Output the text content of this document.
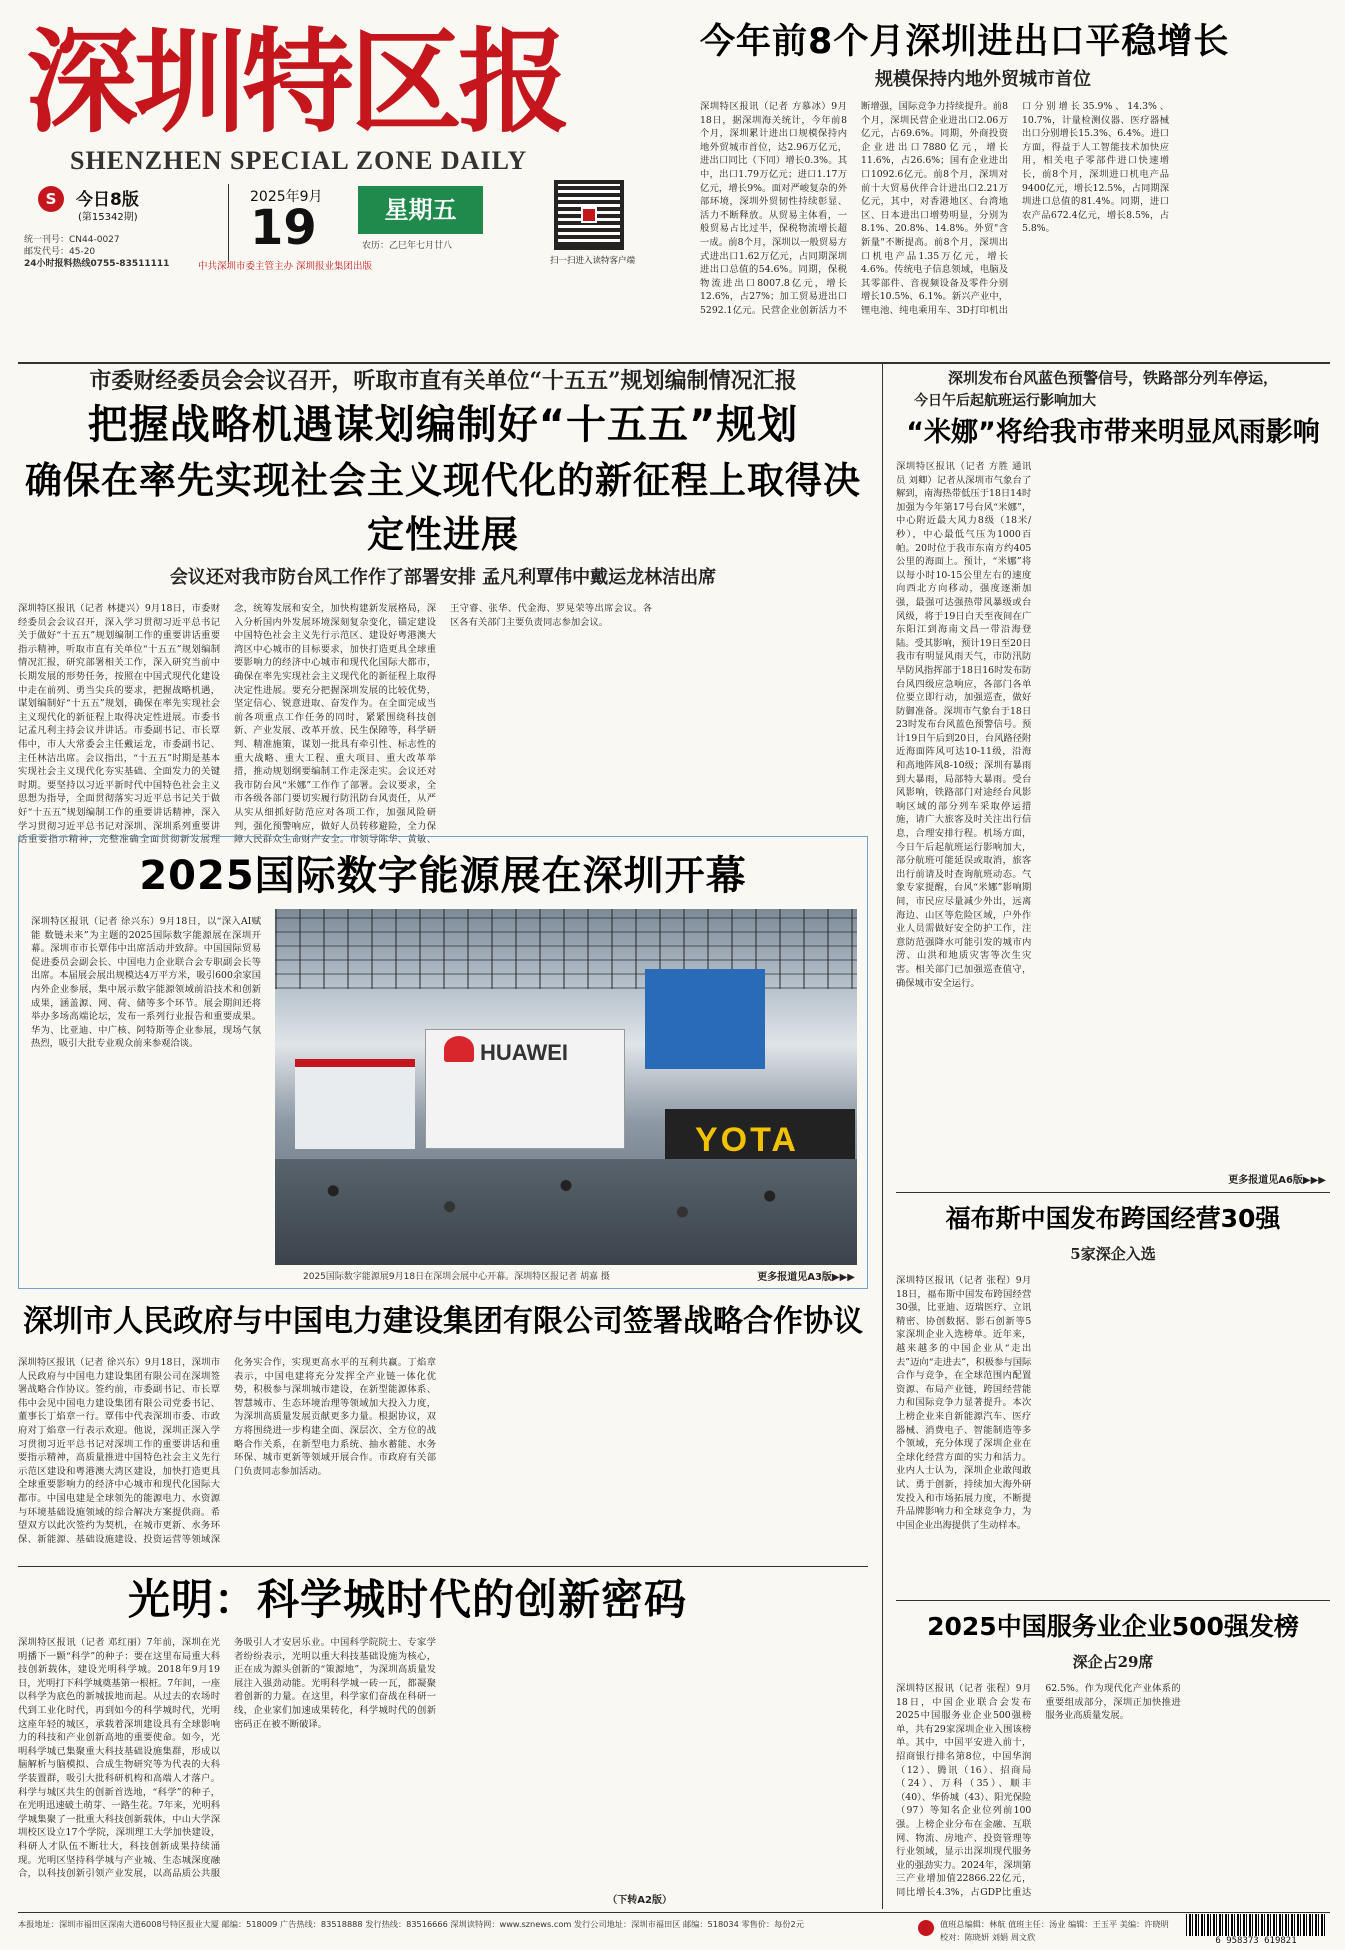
深圳特区报
SHENZHEN SPECIAL ZONE DAILY
S	今日8版
(第15342期)
统一刊号：CN44-0027
邮发代号：45-20
24小时报料热线0755-83511111
2025年9月
19	星期五
农历：乙巳年七月廿八
中共深圳市委主管主办 深圳报业集团出版	扫一扫进入读特客户端
今年前8个月深圳进出口平稳增长
规模保持内地外贸城市首位
深圳特区报讯（记者 方慕冰）9月18日，据深圳海关统计，今年前8个月，深圳累计进出口规模保持内地外贸城市首位，达2.96万亿元，进出口同比（下同）增长0.3%。其中，出口1.79万亿元；进口1.17万亿元，增长9%。面对严峻复杂的外部环境，深圳外贸韧性持续彰显、活力不断释放。从贸易主体看，一般贸易占比过半，保税物流增长超一成。前8个月，深圳以一般贸易方式进出口1.62万亿元，占同期深圳进出口总值的54.6%。同期，保税物流进出口8007.8亿元，增长12.6%，占27%；加工贸易进出口5292.1亿元。民营企业创新活力不断增强，国际竞争力持续提升。前8个月，深圳民营企业进出口2.06万亿元，占69.6%。同期，外商投资企业进出口7880亿元，增长11.6%，占26.6%；国有企业进出口1092.6亿元。前8个月，深圳对前十大贸易伙伴合计进出口2.21万亿元，其中，对香港地区、台湾地区、日本进出口增势明显，分别为8.1%、20.8%、14.8%。外贸"含新量"不断提高。前8个月，深圳出口机电产品1.35万亿元，增长4.6%。传统电子信息领域，电脑及其零部件、音视频设备及零件分别增长10.5%、6.1%。新兴产业中，锂电池、纯电乘用车、3D打印机出口分别增长35.9%、14.3%、10.7%，计量检测仪器、医疗器械出口分别增长15.3%、6.4%。进口方面，得益于人工智能技术加快应用，相关电子零部件进口快速增长，前8个月，深圳进口机电产品9400亿元，增长12.5%，占同期深圳进口总值的81.4%。同期，进口农产品672.4亿元，增长8.5%，占5.8%。
市委财经委员会会议召开，听取市直有关单位“十五五”规划编制情况汇报
把握战略机遇谋划编制好“十五五”规划
确保在率先实现社会主义现代化的新征程上取得决定性进展
会议还对我市防台风工作作了部署安排 孟凡利覃伟中戴运龙林洁出席
深圳特区报讯（记者 林捷兴）9月18日，市委财经委员会会议召开，深入学习贯彻习近平总书记关于做好“十五五”规划编制工作的重要讲话重要指示精神，听取市直有关单位“十五五”规划编制情况汇报，研究部署相关工作，深入研究当前中长期发展的形势任务，按照在中国式现代化建设中走在前列、勇当尖兵的要求，把握战略机遇，谋划编制好“十五五”规划，确保在率先实现社会主义现代化的新征程上取得决定性进展。市委书记孟凡利主持会议并讲话。市委副书记、市长覃伟中，市人大常委会主任戴运龙，市委副书记、主任林洁出席。会议指出，“十五五”时期是基本实现社会主义现代化夯实基础、全面发力的关键时期。要坚持以习近平新时代中国特色社会主义思想为指导，全面贯彻落实习近平总书记关于做好“十五五”规划编制工作的重要讲话精神，深入学习贯彻习近平总书记对深圳、深圳系列重要讲话重要指示精神，完整准确全面贯彻新发展理念，统筹发展和安全，加快构建新发展格局，深入分析国内外发展环境深刻复杂变化，锚定建设中国特色社会主义先行示范区、建设好粤港澳大湾区中心城市的目标要求，加快打造更具全球重要影响力的经济中心城市和现代化国际大都市，确保在率先实现社会主义现代化的新征程上取得决定性进展。要充分把握深圳发展的比较优势，坚定信心、锐意进取、奋发作为。在全面完成当前各项重点工作任务的同时，紧紧围绕科技创新、产业发展、改革开放、民生保障等，科学研判、精准施策，谋划一批具有牵引性、标志性的重大战略、重大工程、重大项目、重大改革举措，推动规划纲要编制工作走深走实。会议还对我市防台风“米娜”工作作了部署。会议要求，全市各级各部门要切实履行防汛防台风责任，从严从实从细抓好防范应对各项工作，加强风险研判，强化预警响应，做好人员转移避险，全力保障人民群众生命财产安全。市领导陈华、黄敏、王守睿、张华、代金海、罗晃荣等出席会议。各区各有关部门主要负责同志参加会议。
2025国际数字能源展在深圳开幕
深圳特区报讯（记者 徐兴东）9月18日，以“深入AI赋能 数链未来”为主题的2025国际数字能源展在深圳开幕。深圳市市长覃伟中出席活动并致辞。中国国际贸易促进委员会副会长、中国电力企业联合会专职副会长等出席。本届展会展出规模达4万平方米，吸引600余家国内外企业参展，集中展示数字能源领域前沿技术和创新成果，涵盖源、网、荷、储等多个环节。展会期间还将举办多场高端论坛，发布一系列行业报告和重要成果。华为、比亚迪、中广核、阿特斯等企业参展，现场气氛热烈，吸引大批专业观众前来参观洽谈。	HUAWEI
YOTA
2025国际数字能源展9月18日在深圳会展中心开幕。深圳特区报记者 胡嘉 摄	更多报道见A3版▶▶▶
深圳市人民政府与中国电力建设集团有限公司签署战略合作协议
深圳特区报讯（记者 徐兴东）9月18日，深圳市人民政府与中国电力建设集团有限公司在深圳签署战略合作协议。签约前，市委副书记、市长覃伟中会见中国电力建设集团有限公司党委书记、董事长丁焰章一行。覃伟中代表深圳市委、市政府对丁焰章一行表示欢迎。他说，深圳正深入学习贯彻习近平总书记对深圳工作的重要讲话和重要指示精神，高质量推进中国特色社会主义先行示范区建设和粤港澳大湾区建设，加快打造更具全球重要影响力的经济中心城市和现代化国际大都市。中国电建是全球领先的能源电力、水资源与环境基础设施领域的综合解决方案提供商。希望双方以此次签约为契机，在城市更新、水务环保、新能源、基础设施建设、投资运营等领域深化务实合作，实现更高水平的互利共赢。丁焰章表示，中国电建将充分发挥全产业链一体化优势，积极参与深圳城市建设，在新型能源体系、智慧城市、生态环境治理等领域加大投入力度，为深圳高质量发展贡献更多力量。根据协议，双方将围绕进一步构建全面、深层次、全方位的战略合作关系，在新型电力系统、抽水蓄能、水务环保、城市更新等领域开展合作。市政府有关部门负责同志参加活动。
光明：科学城时代的创新密码
深圳特区报讯（记者 邓红丽）7年前，深圳在光明播下一颗“科学”的种子：要在这里布局重大科技创新载体，建设光明科学城。2018年9月19日，光明打下科学城奠基第一根桩。7年间，一座以科学为底色的新城拔地而起。从过去的农场时代到工业化时代，再到如今的科学城时代，光明这座年轻的城区，承载着深圳建设具有全球影响力的科技和产业创新高地的重要使命。如今，光明科学城已集聚重大科技基础设施集群，形成以脑解析与脑模拟、合成生物研究等为代表的大科学装置群，吸引大批科研机构和高端人才落户。科学与城区共生的创新首选地，“科学”的种子，在光明迅速破土萌芽、一路生花。7年来，光明科学城集聚了一批重大科技创新载体，中山大学深圳校区设立17个学院，深圳理工大学加快建设，科研人才队伍不断壮大，科技创新成果持续涌现。光明区坚持科学城与产业城、生态城深度融合，以科技创新引领产业发展，以高品质公共服务吸引人才安居乐业。中国科学院院士、专家学者纷纷表示，光明以重大科技基础设施为核心，正在成为源头创新的“策源地”，为深圳高质量发展注入强劲动能。光明科学城一砖一瓦，都凝聚着创新的力量。在这里，科学家们奋战在科研一线，企业家们加速成果转化，科学城时代的创新密码正在被不断破译。
（下转A2版）
深圳发布台风蓝色预警信号，铁路部分列车停运，
今日午后起航班运行影响加大
“米娜”将给我市带来明显风雨影响
深圳特区报讯（记者 方胜 通讯员 刘卿）记者从深圳市气象台了解到，南海热带低压于18日14时加强为今年第17号台风“米娜”，中心附近最大风力8级（18米/秒），中心最低气压为1000百帕。20时位于我市东南方约405公里的海面上。预计，“米娜”将以每小时10-15公里左右的速度向西北方向移动，强度逐渐加强，最强可达强热带风暴级或台风级，将于19日白天至夜间在广东阳江到海南文昌一带沿海登陆。受其影响，预计19日至20日我市有明显风雨天气，市防汛防旱防风指挥部于18日16时发布防台风四级应急响应，各部门各单位要立即行动，加强巡查，做好防御准备。深圳市气象台于18日23时发布台风蓝色预警信号。预计19日午后到20日，台风路径附近海面阵风可达10-11级，沿海和高地阵风8-10级；深圳有暴雨到大暴雨，局部特大暴雨。受台风影响，铁路部门对途经台风影响区域的部分列车采取停运措施，请广大旅客及时关注出行信息，合理安排行程。机场方面，今日午后起航班运行影响加大，部分航班可能延误或取消，旅客出行前请及时查询航班动态。气象专家提醒，台风“米娜”影响期间，市民应尽量减少外出，远离海边、山区等危险区域，户外作业人员需做好安全防护工作，注意防范强降水可能引发的城市内涝、山洪和地质灾害等次生灾害。相关部门已加强巡查值守，确保城市安全运行。
更多报道见A6版▶▶▶
福布斯中国发布跨国经营30强
5家深企入选
深圳特区报讯（记者 张程）9月18日，福布斯中国发布跨国经营30强，比亚迪、迈瑞医疗、立讯精密、协创数据、影石创新等5家深圳企业入选榜单。近年来，越来越多的中国企业从“走出去”迈向“走进去”，积极参与国际合作与竞争，在全球范围内配置资源、布局产业链，跨国经营能力和国际竞争力显著提升。本次上榜企业来自新能源汽车、医疗器械、消费电子、智能制造等多个领域，充分体现了深圳企业在全球化经营方面的实力和活力。业内人士认为，深圳企业敢闯敢试、勇于创新，持续加大海外研发投入和市场拓展力度，不断提升品牌影响力和全球竞争力，为中国企业出海提供了生动样本。
2025中国服务业企业500强发榜
深企占29席
深圳特区报讯（记者 张程）9月18日，中国企业联合会发布2025中国服务业企业500强榜单，共有29家深圳企业入围该榜单。其中，中国平安进入前十，招商银行排名第8位，中国华润（12）、腾讯（16）、招商局（24）、万科（35）、顺丰（40）、华侨城（43）、阳光保险（97）等知名企业位列前100强。上榜企业分布在金融、互联网、物流、房地产、投资管理等行业领域，显示出深圳现代服务业的强劲实力。2024年，深圳第三产业增加值22866.22亿元，同比增长4.3%，占GDP比重达62.5%。作为现代化产业体系的重要组成部分，深圳正加快推进服务业高质量发展。
本报地址：深圳市福田区深南大道6008号特区报业大厦 邮编：518009 广告热线：83518888 发行热线：83516666 深圳读特网：www.sznews.com 发行公司地址：深圳市福田区 邮编：518034 零售价：每份2元	值班总编辑：林航 值班主任：汤业 编辑：王玉平 美编：许晓明 校对：陈晓妍 刘娟 周文欣	6 958373 619821
